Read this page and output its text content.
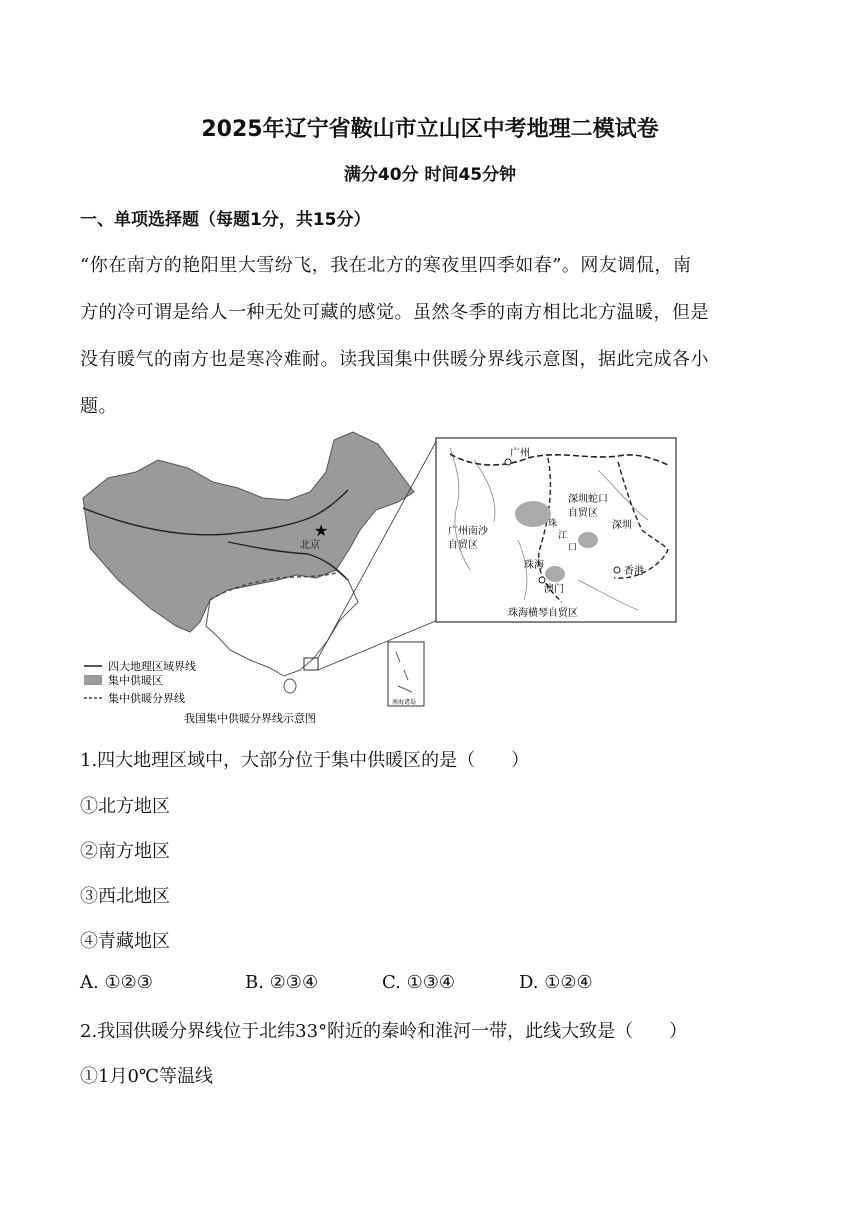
2025年辽宁省鞍山市立山区中考地理二模试卷
满分40分 时间45分钟
一、单项选择题（每题1分，共15分）
“你在南方的艳阳里大雪纷飞，我在北方的寒夜里四季如春”。网友调侃，南
方的冷可谓是给人一种无处可藏的感觉。虽然冬季的南方相比北方温暖，但是
没有暖气的南方也是寒冷难耐。读我国集中供暖分界线示意图，据此完成各小
题。
★
北京
南海诸岛
四大地理区域界线
集中供暖区
集中供暖分界线
我国集中供暖分界线示意图
广州
深圳蛇口
自贸区
深圳
广州南沙
自贸区
珠
江
口
珠海
澳门
香港
珠海横琴自贸区
1.四大地理区域中，大部分位于集中供暖区的是（　　）
①北方地区
②南方地区
③西北地区
④青藏地区
A. ①②③	B. ②③④	C. ①③④	D. ①②④
2.我国供暖分界线位于北纬33°附近的秦岭和淮河一带，此线大致是（　　）
①1月0℃等温线
